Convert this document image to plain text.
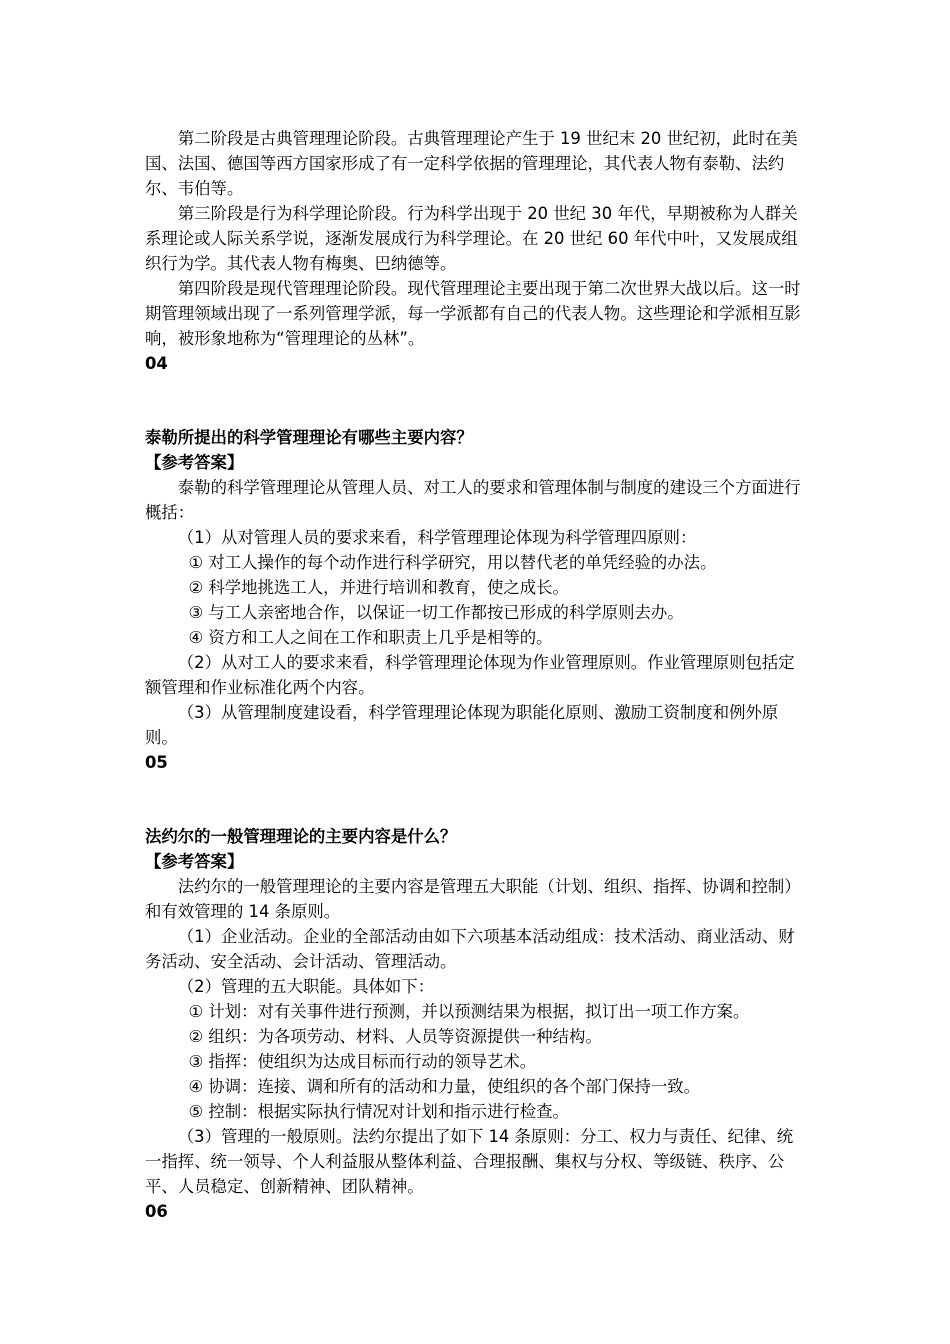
第二阶段是古典管理理论阶段。古典管理理论产生于 19 世纪末 20 世纪初，此时在美国、法国、德国等西方国家形成了有一定科学依据的管理理论，其代表人物有泰勒、法约尔、韦伯等。

第三阶段是行为科学理论阶段。行为科学出现于 20 世纪 30 年代，早期被称为人群关系理论或人际关系学说，逐渐发展成行为科学理论。在 20 世纪 60 年代中叶，又发展成组织行为学。其代表人物有梅奥、巴纳德等。

第四阶段是现代管理理论阶段。现代管理理论主要出现于第二次世界大战以后。这一时期管理领域出现了一系列管理学派，每一学派都有自己的代表人物。这些理论和学派相互影响，被形象地称为“管理理论的丛林”。

04

泰勒所提出的科学管理理论有哪些主要内容？

【参考答案】

泰勒的科学管理理论从管理人员、对工人的要求和管理体制与制度的建设三个方面进行概括：

（1）从对管理人员的要求来看，科学管理理论体现为科学管理四原则：

① 对工人操作的每个动作进行科学研究，用以替代老的单凭经验的办法。

② 科学地挑选工人，并进行培训和教育，使之成长。

③ 与工人亲密地合作，以保证一切工作都按已形成的科学原则去办。

④ 资方和工人之间在工作和职责上几乎是相等的。

（2）从对工人的要求来看，科学管理理论体现为作业管理原则。作业管理原则包括定额管理和作业标准化两个内容。

（3）从管理制度建设看，科学管理理论体现为职能化原则、激励工资制度和例外原则。

05

法约尔的一般管理理论的主要内容是什么？

【参考答案】

法约尔的一般管理理论的主要内容是管理五大职能（计划、组织、指挥、协调和控制）和有效管理的 14 条原则。

（1）企业活动。企业的全部活动由如下六项基本活动组成：技术活动、商业活动、财务活动、安全活动、会计活动、管理活动。

（2）管理的五大职能。具体如下：

① 计划：对有关事件进行预测，并以预测结果为根据，拟订出一项工作方案。

② 组织：为各项劳动、材料、人员等资源提供一种结构。

③ 指挥：使组织为达成目标而行动的领导艺术。

④ 协调：连接、调和所有的活动和力量，使组织的各个部门保持一致。

⑤ 控制：根据实际执行情况对计划和指示进行检查。

（3）管理的一般原则。法约尔提出了如下 14 条原则：分工、权力与责任、纪律、统一指挥、统一领导、个人利益服从整体利益、合理报酬、集权与分权、等级链、秩序、公平、人员稳定、创新精神、团队精神。

06
